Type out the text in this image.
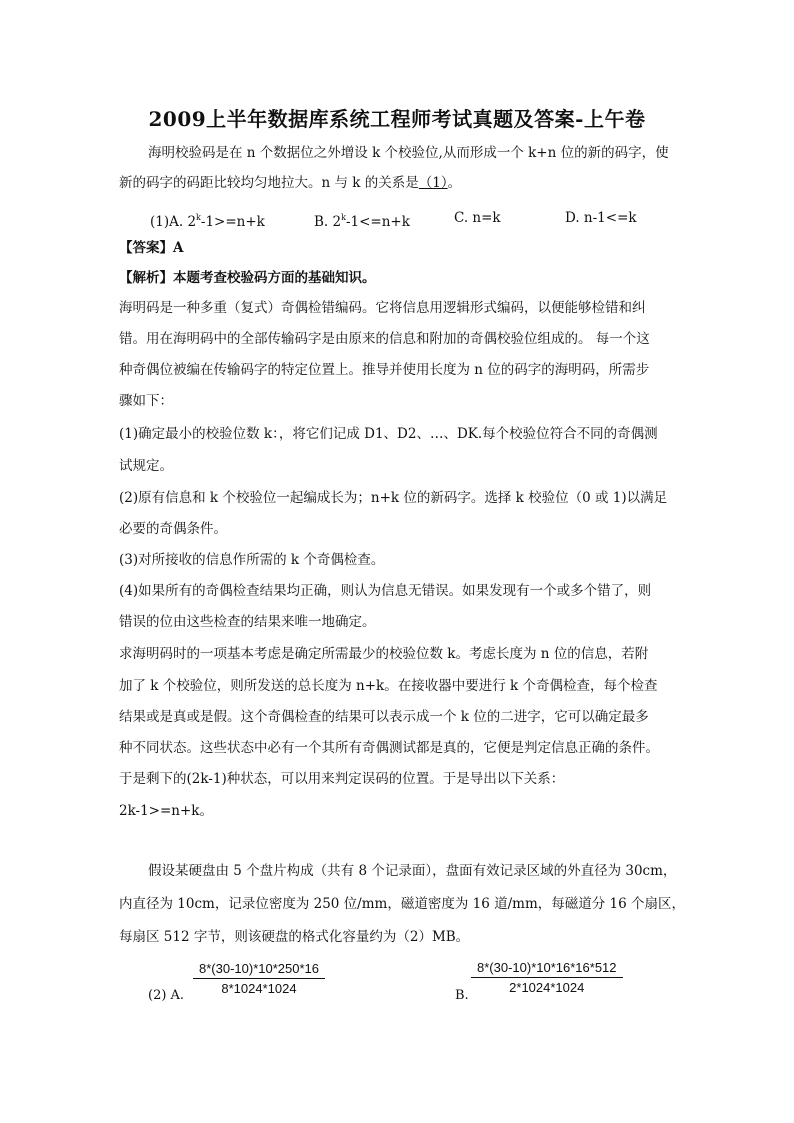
2009上半年数据库系统工程师考试真题及答案-上午卷
海明校验码是在 n 个数据位之外增设 k 个校验位,从而形成一个 k+n 位的新的码字，使
新的码字的码距比较均匀地拉大。n 与 k 的关系是（1）。
(1)A. $2^k-1>=n+k$	B. $2^k-1<=n+k$	C. n=k	D. n-1<=k
【答案】A
【解析】本题考查校验码方面的基础知识。
海明码是一种多重（复式）奇偶检错编码。它将信息用逻辑形式编码，以便能够检错和纠
错。用在海明码中的全部传输码字是由原来的信息和附加的奇偶校验位组成的。 每一个这
种奇偶位被编在传输码字的特定位置上。推导并使用长度为 n 位的码字的海明码，所需步
骤如下：
(1)确定最小的校验位数 k：，将它们记成 D1、D2、…、DK.每个校验位符合不同的奇偶测
试规定。
(2)原有信息和 k 个校验位一起编成长为；n+k 位的新码字。选择 k 校验位（0 或 1)以满足
必要的奇偶条件。
(3)对所接收的信息作所需的 k 个奇偶检查。
(4)如果所有的奇偶检查结果均正确，则认为信息无错误。如果发现有一个或多个错了，则
错误的位由这些检查的结果来唯一地确定。
求海明码时的一项基本考虑是确定所需最少的校验位数 k。考虑长度为 n 位的信息，若附
加了 k 个校验位，则所发送的总长度为 n+k。在接收器中要进行 k 个奇偶检查，每个检查
结果或是真或是假。这个奇偶检查的结果可以表示成一个 k 位的二进字，它可以确定最多
种不同状态。这些状态中必有一个其所有奇偶测试都是真的，它便是判定信息正确的条件。
于是剩下的(2k-1)种状态，可以用来判定误码的位置。于是导出以下关系：
2k-1>=n+k。
假设某硬盘由 5 个盘片构成（共有 8 个记录面），盘面有效记录区域的外直径为 30cm，
内直径为 10cm，记录位密度为 250 位/mm，磁道密度为 16 道/mm，每磁道分 16 个扇区，
每扇区 512 字节，则该硬盘的格式化容量约为（2）MB。
(2) A. $\frac{8*(30-10)*10*250*16}{8*1024*1024}$	B.
$\frac{8*(30-10)*10*16*16*512}{2*1024*1024}$
